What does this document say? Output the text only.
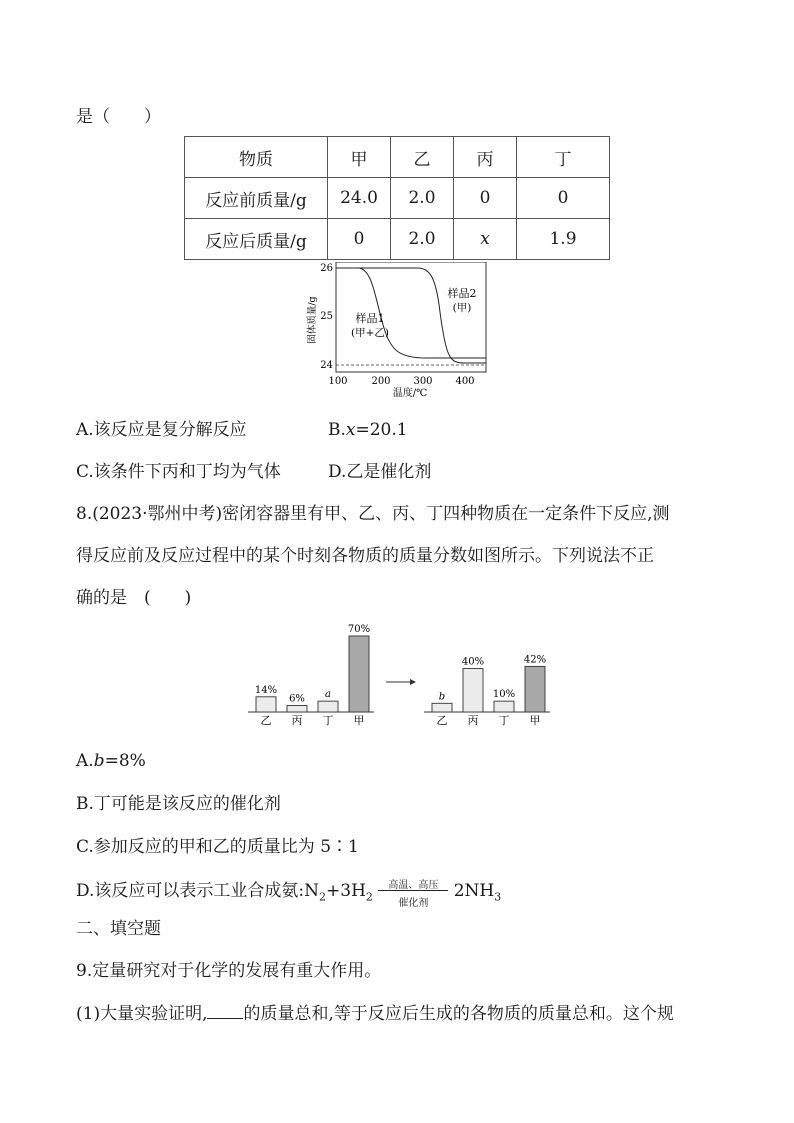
是（　　）
物质	甲	乙	丙	丁
反应前质量/g	24.0	2.0	0	0
反应后质量/g	0	2.0	x	1.9
26
25
24
100 200 300 400
温度/℃
固体质量/g	样品1
(甲+乙)
样品2
(甲)
A.该反应是复分解反应	B.x=20.1
C.该条件下丙和丁均为气体	D.乙是催化剂
8.(2023·鄂州中考)密闭容器里有甲、乙、丙、丁四种物质在一定条件下反应,测
得反应前及反应过程中的某个时刻各物质的质量分数如图所示。下列说法不正
确的是　(　　)
14%
乙
6%
丙
a
丁
70%
甲
b
乙
40%
丙
10%
丁
42%
甲
A.b=8%
B.丁可能是该反应的催化剂
C.参加反应的甲和乙的质量比为 5∶1
D.该反应可以表示工业合成氨$:N_2+3H_2$
高温、高压
催化剂
$2NH_3$
二、填空题
9.定量研究对于化学的发展有重大作用。
(1)大量实验证明, 的质量总和,等于反应后生成的各物质的质量总和。这个规
